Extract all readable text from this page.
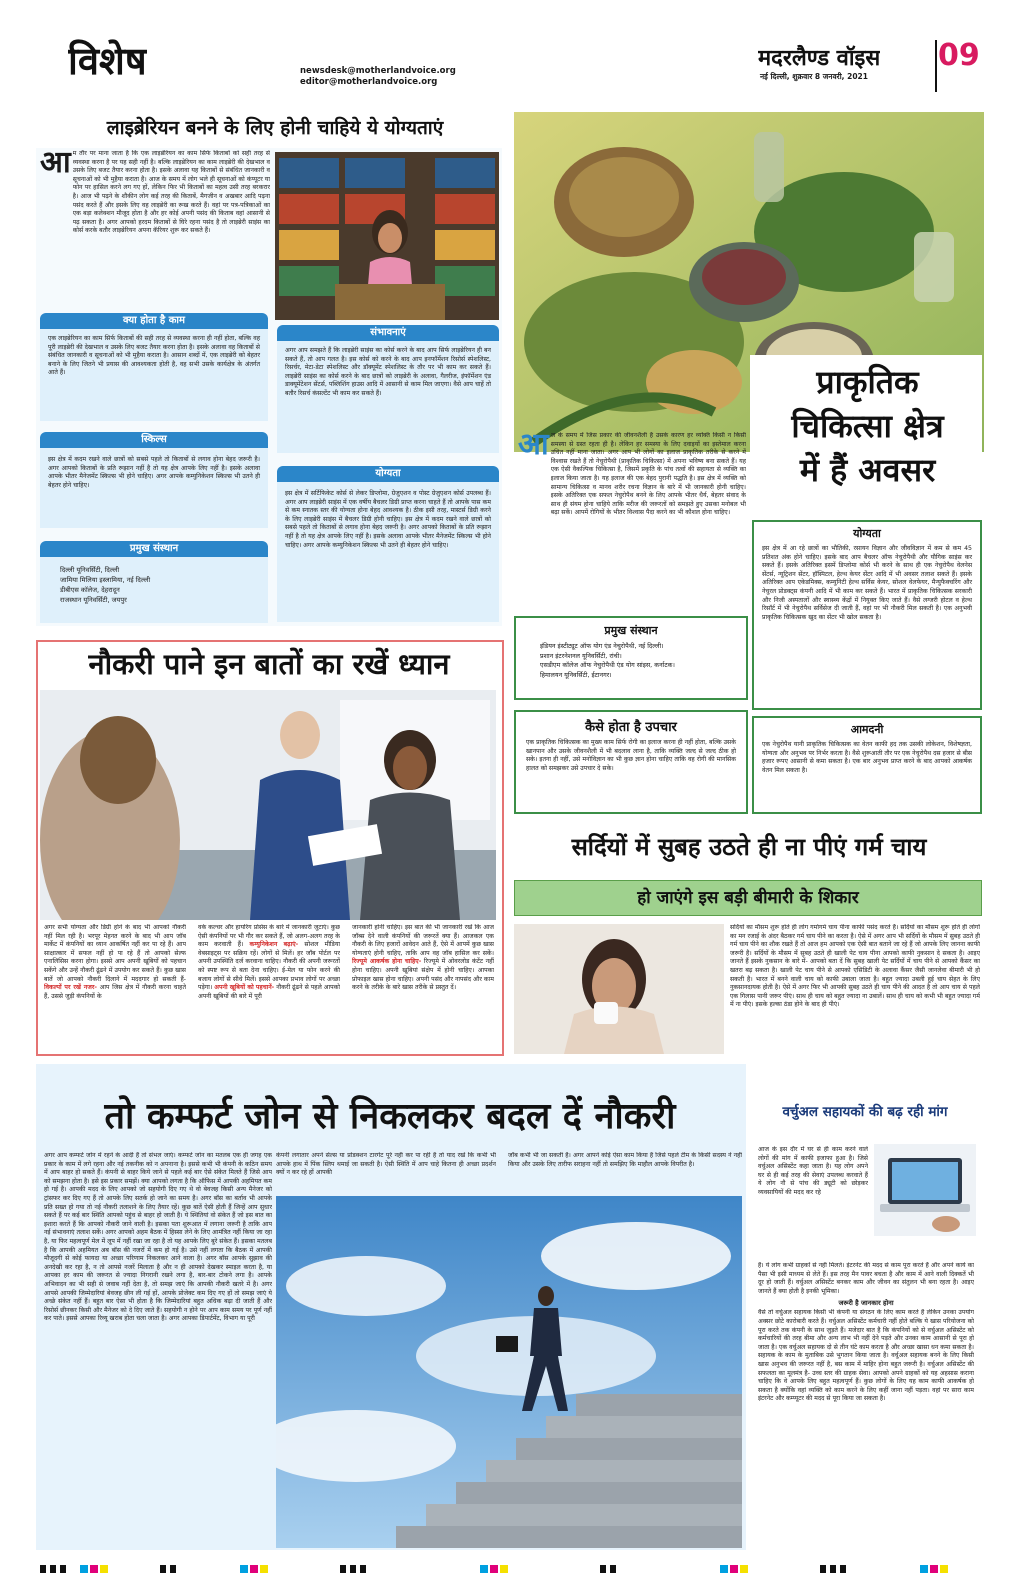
विशेष	newsdesk@motherlandvoice.org
editor@motherlandvoice.org
मदरलैण्ड वॉइस 09
नई दिल्ली, शुक्रवार 8 जनवरी, 2021
लाइब्रेरियन बनने के लिए होनी चाहिये ये योग्यताएं
आ म तौर पर माना जाता है कि एक लाइब्रेरियन का काम सिर्फ किताबों को सही तरह से व्यवस्था करना है पर यह सही नहीं है। बल्कि लाइब्रेरियन का काम लाइब्रेरी की देखभाल व उसके लिए बजट तैयार करना होता है। इसके अलावा यह किताबों से संबंधित जानकारी व सूचनाओं को भी मुहैया कराता है। आज के समय में लोग भले ही सूचनाओं को कंप्यूटर या फोन पर हासिल करने लग गए हों, लेकिन फिर भी किताबों का महत्व उसी तरह बरकरार है। आज भी पढ़ने के शौकीन लोग कई तरह की किताबें, मैगजीन व अखबार आदि पढ़ना पसंद करते हैं और इसके लिए वह लाइब्रेरी का रूख करते हैं। वहां पर पत्र-पत्रिकाओं का एक बड़ा कलेक्शन मौजूद होता है और हर कोई अपनी पसंद की किताब वहां आसानी से पढ़ सकता है। अगर आपको हरदम किताबों से घिरे रहना पसंद है तो लाइब्रेरी साइंस का कोर्स करके बतौर लाइब्रेरियन अपना कॅरियर शुरू कर सकते हैं।
क्या होता है काम
एक लाइब्रेरियन का काम सिर्फ किताबों की सही तरह से व्यवस्था करना ही नहीं होता, बल्कि वह पूरी लाइब्रेरी की देखभाल व उसके लिए बजट तैयार करना होता है। इसके अलावा वह किताबों से संबंधित जानकारी व सूचनाओं को भी मुहैया कराता है। आसान शब्दों में, एक लाइब्रेरी को बेहतर बनाने के लिए जितने भी प्रयास की आवश्यकता होती है, वह सभी उसके कार्यक्षेत्र के अंतर्गत आते हैं।
स्किल्स
इस क्षेत्र में कदम रखने वाले छात्रों को सबसे पहले तो किताबों से लगाव होना बेहद जरूरी है। अगर आपको किताबों के प्रति रूझान नहीं है तो यह क्षेत्र आपके लिए नहीं है। इसके अलावा आपके भीतर मैनेजमेंट स्किल्स भी होने चाहिए। अगर आपके कम्युनिकेशन स्किल्स भी उतने ही बेहतर होने चाहिए।
प्रमुख संस्थान
दिल्ली यूनिवर्सिटी, दिल्ली
जामिया मिलिया इस्लामिया, नई दिल्ली
डीबीएस कॉलेज, देहरादून
राजस्थान यूनिवर्सिटी, जयपुर
संभावनाएं
अगर आप समझते हैं कि लाइब्रेरी साइंस का कोर्स करने के बाद आप सिर्फ लाइब्रेरियन ही बन सकते हैं, तो आप गलत है। इस कोर्स को करने के बाद आप इनफॉर्मेशन रिसोर्स स्पेशलिस्ट, रिसर्चर, मेटा-डेटा स्पेशलिस्ट और डॉक्यूमेंट स्पेशलिस्ट के तौर पर भी काम कर सकते हैं। लाइब्रेरी साइंस का कोर्स करने के बाद छात्रों को लाइब्रेरी के अलावा, गैलरीज, इंफॉर्मेशन एंड डाक्यूमेंटेशन सेंटर्स, पब्लिशिंग हाउस आदि में आसानी से काम मिल जाएगा। वैसे आप चाहें तो बतौर रिसर्च कंसल्टेंट भी काम कर सकते हैं।
योग्यता
इस क्षेत्र में सर्टिफिकेट कोर्स से लेकर डिप्लोमा, ग्रेजुएशन व पोस्ट ग्रेजुएशन कोर्स उपलब्ध हैं। अगर आप लाइब्रेरी साइंस में एक वर्षीय बैचलर डिग्री प्राप्त करना चाहते हैं तो आपके पास कम से कम स्नातक स्तर की योग्यता होना बेहद आवश्यक है। ठीक इसी तरह, मास्टर्स डिग्री करने के लिए लाइब्रेरी साइंस में बैचलर डिग्री होनी चाहिए। इस क्षेत्र में कदम रखने वाले छात्रों को सबसे पहले तो किताबों से लगाव होना बेहद जरूरी है। अगर आपको किताबों के प्रति रूझान नहीं है तो यह क्षेत्र आपके लिए नहीं है। इसके अलावा आपके भीतर मैनेजमेंट स्किल्स भी होने चाहिए। अगर आपके कम्युनिकेशन स्किल्स भी उतने ही बेहतर होने चाहिए।
प्राकृतिक
चिकित्सा क्षेत्र
में हैं अवसर
आ ज के समय में जिस प्रकार की जीवनशैली है उसके कारण हर व्यक्ति किसी न किसी समस्या से ग्रस्त रहता ही है। लेकिन हर समस्या के लिए दवाइयों का इस्तेमाल करना उचित नहीं माना जाता। अगर आप भी लोगों का इलाज प्राकृतिक तरीके से करने में विश्वास रखते हैं तो नेचुरोपैथी (प्राकृतिक चिकित्सा) में अपना भविष्य बना सकते हैं। यह एक ऐसी वैकल्पिक चिकित्सा है, जिसमें प्रकृति के पांच तत्वों की सहायता से व्यक्ति का इलाज किया जाता है। यह इलाज की एक बेहद पुरानी पद्धति है। इस क्षेत्र में व्यक्ति को सामान्य चिकित्सा व मानव शरीर रचना विज्ञान के बारे में भी जानकारी होनी चाहिए। इसके अतिरिक्त एक सफल नेचुरोपैथ बनने के लिए आपके भीतर धैर्य, बेहतर संवाद के साथ ही संयम होना चाहिये ताकि मरीज की जरूरतों को समझते हुए उसका मनोबल भी बढ़ा सकें। आपमें रोगियों के भीतर विश्वास पैदा करने का भी कौशल होना चाहिए।
प्रमुख संस्थान
इंडियन इंस्टीट्यूट ऑफ योग एंड नेचुरोपैथी, नई दिल्ली।
प्रशान इंटरनेशनल यूनिवर्सिटी, रांची।
एसडीएम कॉलेज ऑफ नेचुरोपैथी एंड योग सांइस, कर्नाटक।
हिमालयन यूनिवर्सिटी, ईटानगर।
कैसे होता है उपचार
एक प्राकृतिक चिकित्सक का मुख्य काम सिर्फ रोगी का इलाज करना ही नहीं होता, बल्कि उसके खानपान और उसके जीवनशैली में भी बदलाव लाना है, ताकि व्यक्ति जल्द से जल्द ठीक हो सके। इतना ही नहीं, उसे मनोविज्ञान का भी कुछ ज्ञान होना चाहिए ताकि वह रोगी की मानसिक हालत को समझकर उसे उपचार दे सके।
योग्यता
इस क्षेत्र में आ रहे छात्रों का भौतिकी, रसायन विज्ञान और जीवविज्ञान में कम से कम 45 प्रतिशत अंक होने चाहिए। इसके बाद आप बैचलर ऑफ नेचुरोपैथी और यौगिक साइंस कर सकते हैं। इसके अतिरिक्त इसमें डिप्लोमा कोर्स भी करने के साथ ही एक नेचुरोपैथ वेलनेस सेंटर्स, न्यूट्रिशन सेंटर, हॉस्पिटल, हेल्थ केयर सेंटर आदि में भी अवसर तलाश सकते हैं। इसके अतिरिक्त आप एकेडमिक्स, कम्युनिटी हेल्थ सर्विस केयर, सोशल वेलफेयर, मैन्युफैक्चरिंग और नेचुरल प्रोडक्ट्स कंपनी आदि में भी काम कर सकते हैं। भारत में प्राकृतिक चिकित्सक सरकारी और निजी अस्पतालों और स्वास्थ्य केंद्रों में नियुक्त किए जाते हैं। वैसे लग्जरी होटल व हेल्थ रिसॉर्ट में भी नेचुरोपैथ सर्विसेज दी जाती हैं, वहां पर भी नौकरी मिल सकती है। एक अनुभवी प्राकृतिक चिकित्सक खुद का सेंटर भी खोल सकता है।
आमदनी
एक नेचुरोपैथ यानी प्राकृतिक चिकित्सक का वेतन काफी हद तक उसकी लोकेशन, विशेषज्ञता, योग्यता और अनुभव पर निर्भर करता है। वैसे शुरूआती तौर पर एक नेचुरोपैथ दस हजार से बीस हजार रूपए आसानी से कमा सकता है। एक बार अनुभव प्राप्त करने के बाद आपको आकर्षक वेतन मिल सकता है।
नौकरी पाने इन बातों का रखें ध्यान
अगर सभी योग्यता और डिग्री होने के बाद भी आपको नौकरी नहीं मिल रही है। भरपूर मेहनत करने के बाद भी आप जॉब मार्केट में कंपनियों का ध्यान आकर्षित नहीं कर पा रहे हैं। आप साक्षात्कार में सफल नहीं हो पा रहे हैं तो आपको सेल्फ एनालिसिस करना होगा। इससे आप अपनी खूबियों को पहचान सकेंगे और उन्हें नौकरी ढूंढने में उपयोग कर सकते हैं। कुछ खास बातें जो आपको नौकरी दिलाने में मददगार हो सकती हैं- विकल्पों पर रखें नजर- आप जिस क्षेत्र में नौकरी करना चाहते हैं, उससे जुड़ी कंपनियों के
वर्क कल्चर और हायरिंग प्रोसेस के बारे में जानकारी जुटाएं। कुछ ऐसी कंपनियों पर भी गौर कर सकते हैं, जो अलग-अलग तरह के काम करवाती हैं। कम्युनिकेशन बढ़ाएं- सोशल मीडिया वेबसाइट्स पर सक्रिय रहें। लोगों से मिलें। हर जॉब पोर्टल पर अपनी उपस्थिति दर्ज करवाना चाहिए। नौकरी की अपनी जरूरतों को स्पष्ट रूप से बता देना चाहिए। ई-मेल या फोन करने की बजाय लोगों से सीधे मिलें। इससे आपका प्रभाव लोगों पर अच्छा पड़ेगा। अपनी खूबियों को पहचानें- नौकरी ढूंढने से पहले आपको अपनी खूबियों की बारे में पूरी
जानकारी होनी चाहिए। इस बात की भी जानकारी रखें कि आज जॉब्स देने वाली कंपनियों की जरूरतें क्या हैं। आजकल एक नौकरी के लिए हजारों आवेदन आते हैं, ऐसे में आपमें कुछ खास योग्यताएं होनी चाहिए, ताकि आप वह जॉब हासिल कर सकें। रिज्यूमे आकर्षक होना चाहिए- रिज्यूमे में ओवरलोड कंटेंट नहीं होना चाहिए। अपनी खूबियां संक्षेप में होनी चाहिए। आपका प्रोफाइल खास होना चाहिए। अपनी पसंद और नापसंद और काम करने के तरीके के बारे खास तरीके से प्रस्तुत दें।
सर्दियों में सुबह उठते ही ना पीएं गर्म चाय
हो जाएंगे इस बड़ी बीमारी के शिकार
सर्दियों का मौसम शुरू होते ही लोग गर्मागर्म चाय पीना काफी पसंद करते हैं। सर्दियों का मौसम शुरू होते ही लोगों का मन रजाई के अंदर बैठकर गर्म चाय पीने का करता है। ऐसे में अगर आप भी सर्दियों के मौसम में सुबह उठते ही गर्म चाय पीने का शौक रखते हैं तो आज हम आपको एक ऐसी बात बताने जा रहे हैं जो आपके लिए जानना काफी जरूरी है। सर्दियों के मौसम में सुबह उठते ही खाली पेट चाय पीना आपको काफी नुकसान दे सकता है। आइए जानते हैं इसके नुकसान के बारे में- आपको बता दें कि सुबह खाली पेट सर्दियों में चाय पीने से आपको कैंसर का खतरा बढ़ सकता है। खाली पेट चाय पीने से आपको एसिडिटी के अलावा कैंसर जैसी जानलेवा बीमारी भी हो सकती है। भारत में बनने वाली चाय को काफी उबाला जाता है। बहुत ज्यादा उबली हुई चाय सेहत के लिए नुकसानदायक होती है। ऐसे में अगर फिर भी आपकी सुबह उठते ही चाय पीने की आदत है तो आप चाय से पहले एक गिलास पानी जरूर पीएं। साथ ही चाय को बहुत ज्यादा ना उबालें। साथ ही चाय को कभी भी बहुत ज्यादा गर्म में ना पीएं। इसके हल्का ठंडा होने के बाद ही पीएं।
तो कम्फर्ट जोन से निकलकर बदल दें नौकरी
अगर आप कम्फर्ट जोन में रहने के आदी हैं तो संभल जाएं। कम्फर्ट जोन का मतलब एक ही जगह एक प्रकार के काम में लगे रहना और नई तकनीक को न अपनाना है। इससे कभी भी कंपनी के कठिन समय में आप बाहर हो सकते हैं। कंपनी से बाहर किये जाने से पहले कई बार ऐसे संकेत मिलते हैं जिसे आप को समझना होता है। इसे इस प्रकार समझें। क्या आपको लगता है कि ऑफिस में आपकी अहमियत कम हो गई है। आपकी मदद के लिए आपको जो सहयोगी दिए गए थे वो बेवजह किसी अन्य मैनेजर को ट्रांसफर कर दिए गए हैं तो आपके लिए सतर्क हो जाने का समय है। अगर बॉस का बर्ताव भी आपके प्रति सख्त हो गया तो नई नौकरी तलाशने के लिए तैयार रहें। कुछ बातें ऐसी होती हैं जिन्हें आप सुधार सकते हैं पर कई बार स्थिति आपको पहुंच से बाहर हो जाती है। ये स्थितियां वो संकेत हैं जो इस बात का इशारा करते हैं कि आपको नौकरी जाने वाली है। इसका पता शुरूआत में लगाना जरूरी है ताकि आप नई संभावनाएं तलाश सकें। अगर आपको अहम बैठक में हिस्सा लेने के लिए आमंत्रित नहीं किया जा रहा है, या फिर महत्वपूर्ण मेल में लूप में नहीं रखा जा रहा है तो यह आपके लिए बुरे संकेत हैं। इसका मतलब है कि आपकी अहमियत अब बॉस की नजरों में कम हो गई है। उसे नहीं लगता कि बैठक में आपकी मौजूदगी से कोई फायदा या अच्छा परिणाम निकलकर आने वाला है। अगर बॉस आपके सुझाव की अनदेखी कर रहा है, न तो आपसे नजरें मिलाता है और न ही आपको देखकर स्माइल करता है, या आपका हर काम की जरूरत से ज्यादा निगरानी रखने लगा है, बार-बार टोकने लगा है। आपके अभिवादन का भी सही से जवाब नहीं देता है, तो समझ जाएं कि आपकी नौकरी खतरे में है। अगर आपसे आपकी जिम्मेदारियां बेवजह छीन ली गई हों, आपके प्रोजेक्ट कम दिए गए हों तो समझ जाएं ये अच्छे संकेत नहीं हैं। बहुत बार ऐसा भी होता है कि जिम्मेदारियां बहुत अधिक बढ़ा दी जाती हैं और रिसोर्स छीनकर किसी और मैनेजर को दे दिए जाते हैं। सहयोगी न होने पर आप काम समय पर पूर्ण नहीं कर पाते। इससे आपका रिव्यू खराब होता चला जाता है। अगर आपका डिपार्टमेंट, विभाग या पूरी
कंपनी लगातार अपने सेल्स या प्रोडक्शन टारगेट पूरे नहीं कर पा रही है तो याद रखें कि कभी भी आपके हाथ में पिंक स्लिप थमाई जा सकती है। ऐसी स्थिति में आप चाहे कितना ही अच्छा प्रदर्शन क्यों न कर रहे हों आपकी
जॉब कभी भी जा सकती है। अगर आपने कोई ऐसा काम किया है जिसे पहले टीम के किसी सदस्य ने नहीं किया और उसके लिए तारीफ सराहना नहीं तो समझिए कि माहौल आपके विपरीत है।
वर्चुअल सहायकों की बढ़ रही मांग
आज के इस दौर में घर से ही काम करने वाले लोगों की मांग में काफी इजाफा हुआ है। जिसे वर्चुअल असिस्टेंट कहा जाता है। यह लोग अपने घर से ही कई तरह की सेवाएं उपलब्ध करवाते हैं ये लोग नौ से पांच की ड्यूटी को छोड़कर व्यवसायियों की मदद कर रहे
हैं। ये लोग कभी ग्राहकों से नहीं मिलते। इंटरनेट की मदद से काम पूरा करते हैं और अपने कार्य का पैसा भी इसी माध्यम से लेते हैं। इस तरह मैन पावर बचता है और काम में आने वाली दिक्कतें भी दूर हो जाती हैं। वर्चुअल असिस्टेंट बनकर काम और जीवन का संतुलन भी बना रहता है। आइए जानते हैं क्या होती है इनकी भूमिका।
जरूरी है जानकार होना
वैसे तो वर्चुअल सहायक किसी भी कंपनी या संगठन के लिए काम करते हैं लेकिन उनका उपयोग अक्सर छोटे कारोबारी करते हैं। वर्चुअल असिस्टेंट कर्मचारी नहीं होते बल्कि ये खास परियोजना को पूरा करते तक कंपनी के साथ जुड़ते हैं। मजेदार बात है कि कंपनियों को से वर्चुअल असिस्टेंट को कर्मचारियों की तरह बीमा और अन्य लाभ भी नहीं देने पड़ते और उनका काम आसानी से पूरा हो जाता है। एक वर्चुअल सहायक दो से तीन घंटे काम करता है और अच्छा खासा धन कमा सकता है। सहायक के काम के मुताबिक उसे भुगतान किया जाता है। वर्चुअल सहायक बनने के लिए किसी खास अनुभव की जरूरत नहीं है, बस काम में माहिर होना बहुत जरूरी है। वर्चुअल असिस्टेंट की सफलता का मूलमंत्र है- उच्च स्तर की ग्राहक सेवा। आपको अपने ग्राहकों को यह अहसास कराना चाहिए कि वे आपके लिए बहुत महत्वपूर्ण हैं। कुछ लोगों के लिए यह काम काफी आकर्षक हो सकता है क्योंकि वहां व्यक्ति को काम करने के लिए कहीं जाना नहीं पड़ता। वहां पर सारा काम इंटरनेट और कम्प्यूटर की मदद से पूरा किया जा सकता है।
